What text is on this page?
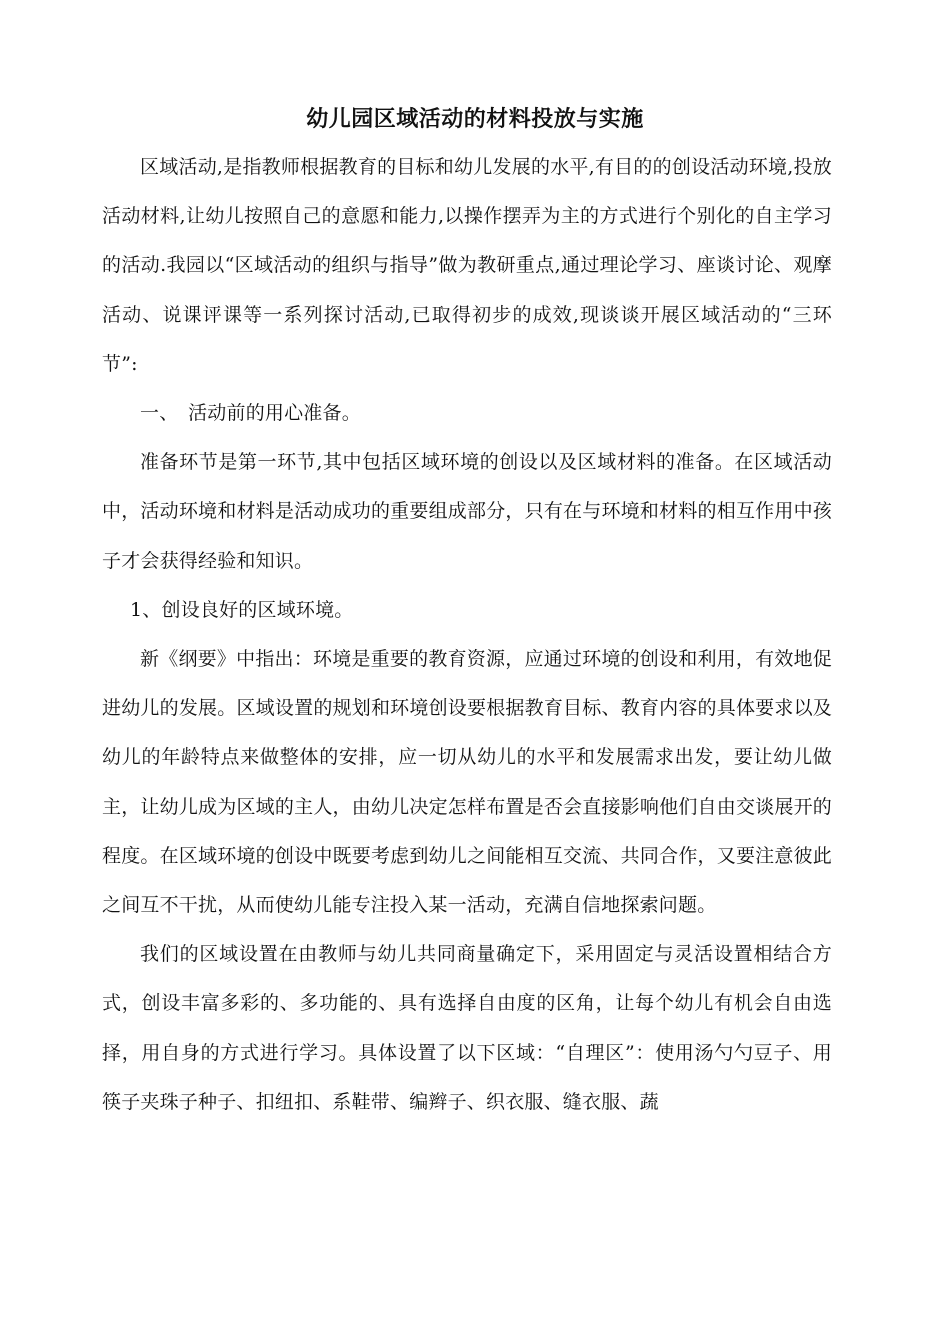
幼儿园区域活动的材料投放与实施

区域活动,是指教师根据教育的目标和幼儿发展的水平,有目的的创设活动环境,投放活动材料,让幼儿按照自己的意愿和能力,以操作摆弄为主的方式进行个别化的自主学习的活动.我园以“区域活动的组织与指导”做为教研重点,通过理论学习、座谈讨论、观摩活动、说课评课等一系列探讨活动,已取得初步的成效,现谈谈开展区域活动的“三环节”:

一、　活动前的用心准备。

准备环节是第一环节,其中包括区域环境的创设以及区域材料的准备。在区域活动中，活动环境和材料是活动成功的重要组成部分，只有在与环境和材料的相互作用中孩子才会获得经验和知识。

1、创设良好的区域环境。

新《纲要》中指出：环境是重要的教育资源，应通过环境的创设和利用，有效地促进幼儿的发展。区域设置的规划和环境创设要根据教育目标、教育内容的具体要求以及幼儿的年龄特点来做整体的安排，应一切从幼儿的水平和发展需求出发，要让幼儿做主，让幼儿成为区域的主人，由幼儿决定怎样布置是否会直接影响他们自由交谈展开的程度。在区域环境的创设中既要考虑到幼儿之间能相互交流、共同合作，又要注意彼此之间互不干扰，从而使幼儿能专注投入某一活动，充满自信地探索问题。

我们的区域设置在由教师与幼儿共同商量确定下，采用固定与灵活设置相结合方式，创设丰富多彩的、多功能的、具有选择自由度的区角，让每个幼儿有机会自由选择，用自身的方式进行学习。具体设置了以下区域：“自理区”：使用汤勺勺豆子、用筷子夹珠子种子、扣纽扣、系鞋带、编辫子、织衣服、缝衣服、蔬
